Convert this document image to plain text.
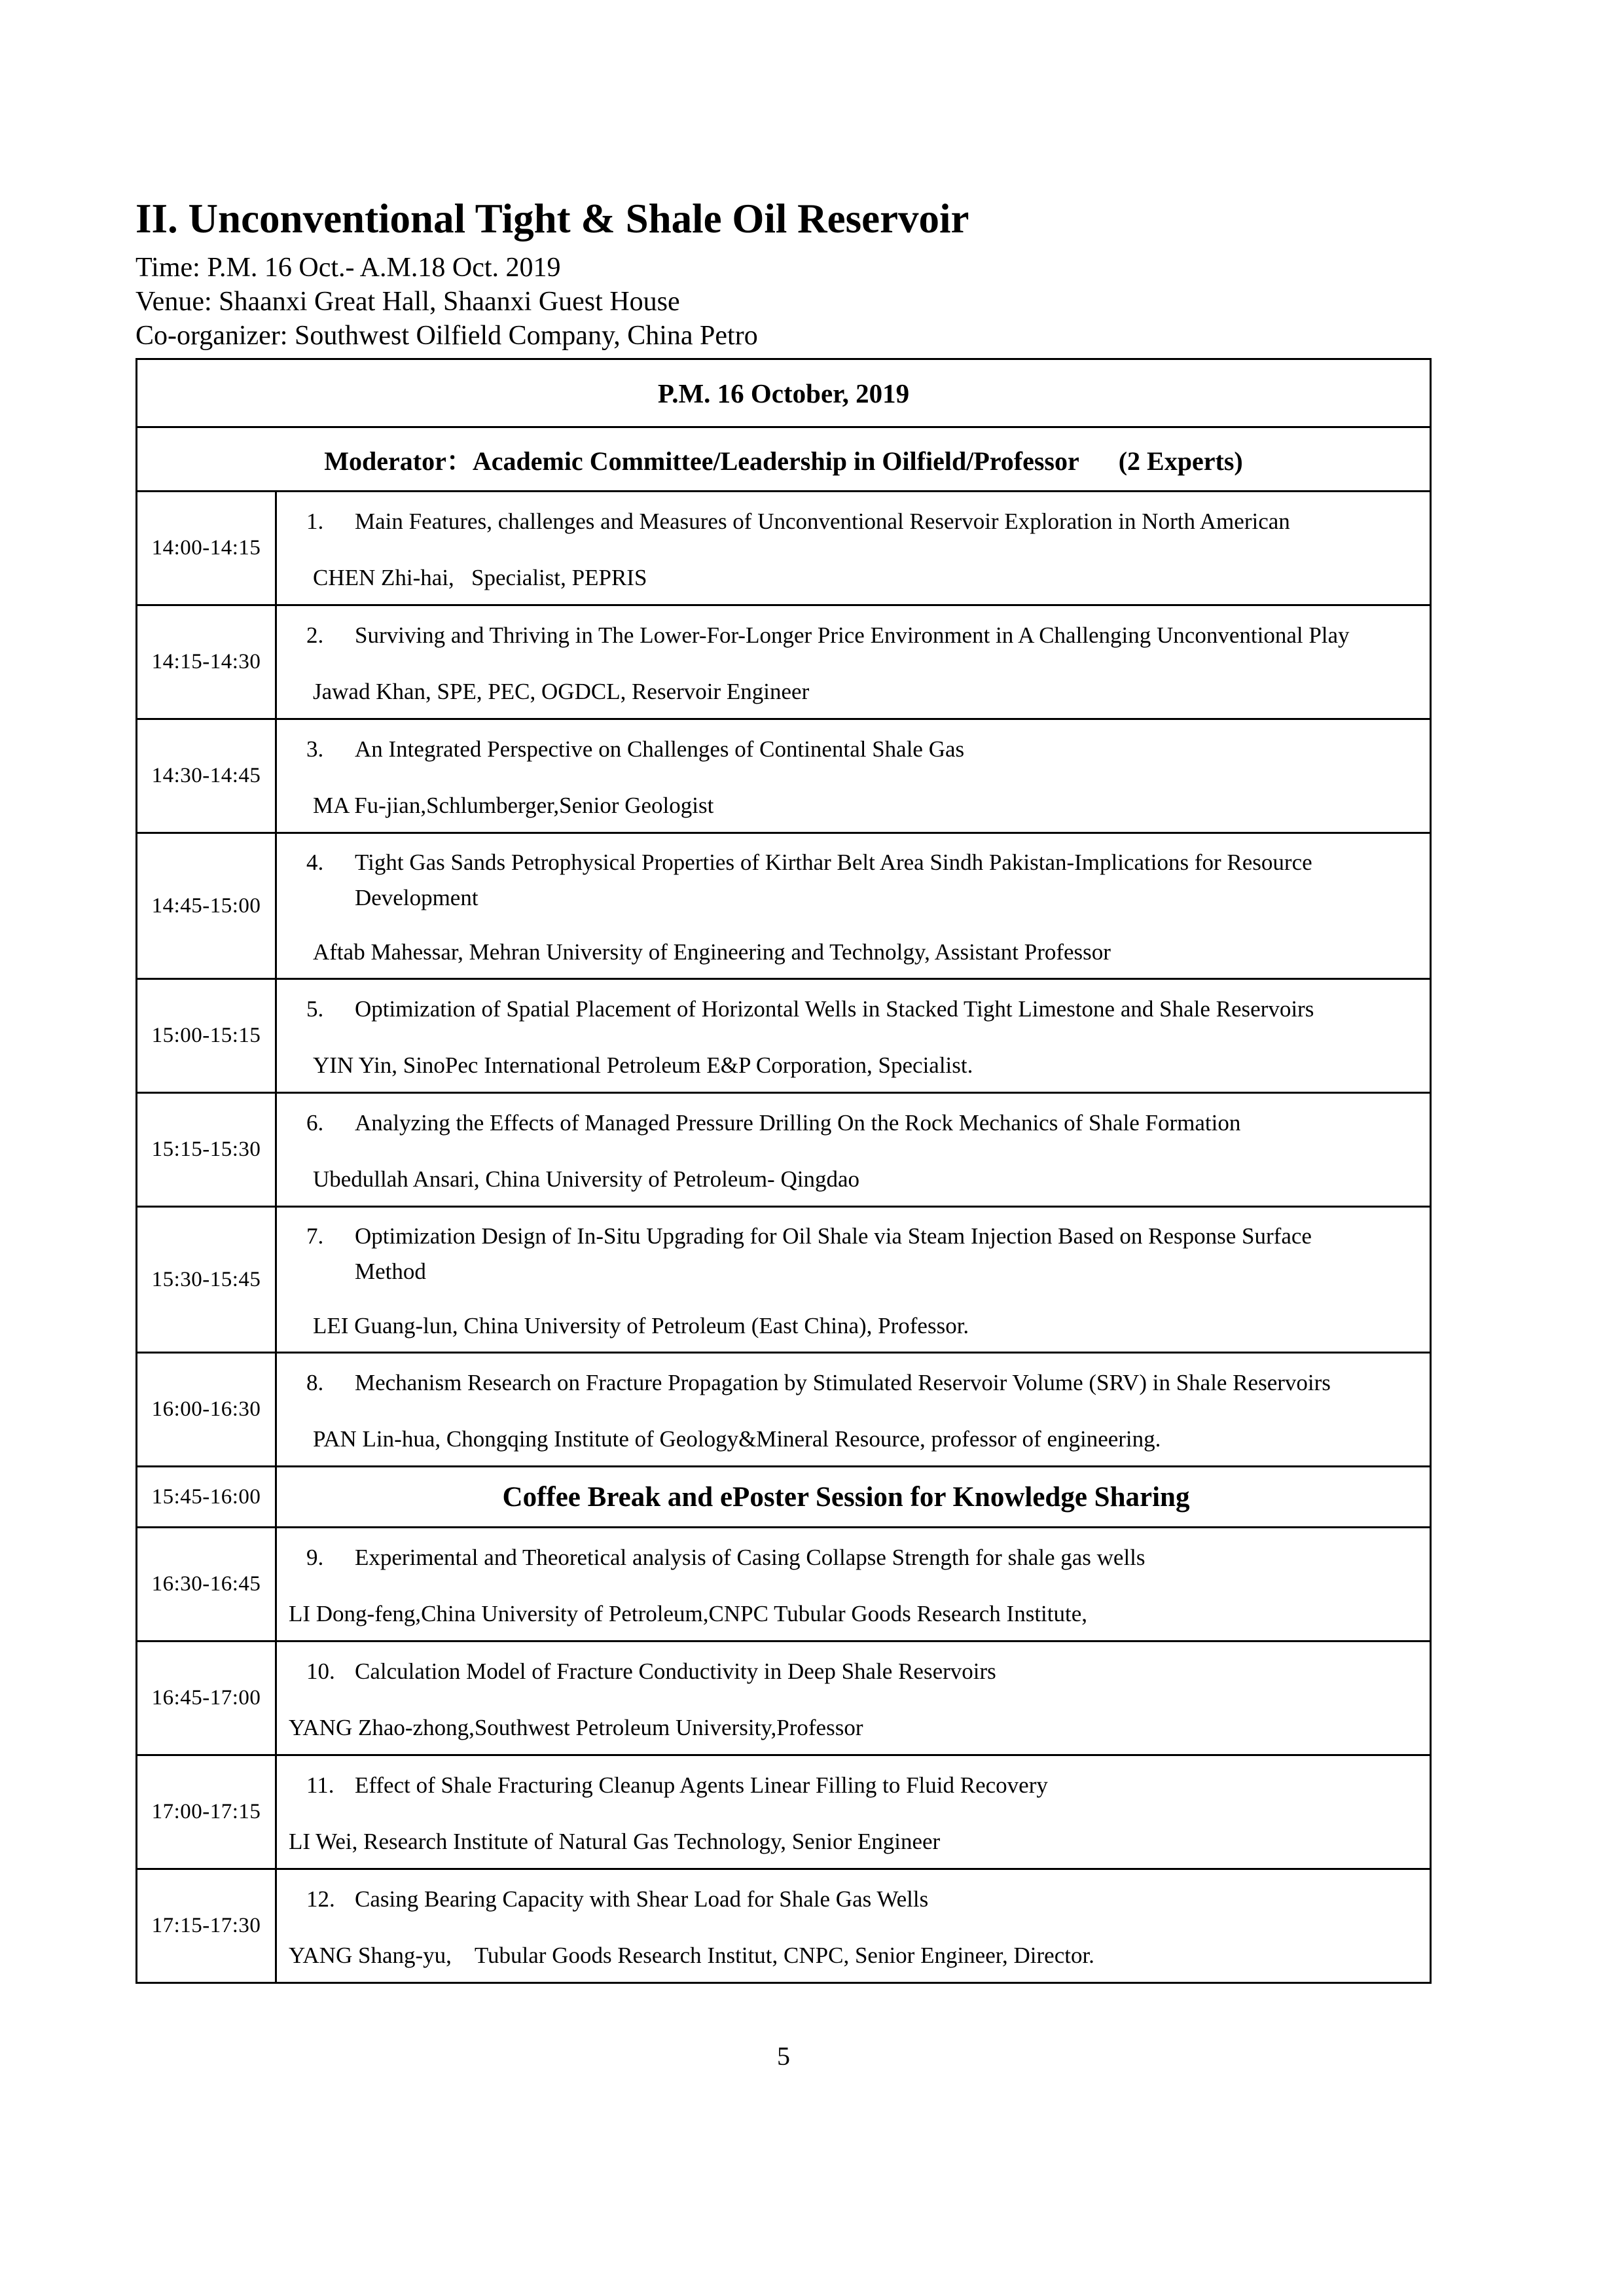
II. Unconventional Tight & Shale Oil Reservoir
Time: P.M. 16 Oct.- A.M.18 Oct. 2019
Venue: Shaanxi Great Hall, Shaanxi Guest House
Co-organizer: Southwest Oilfield Company, China Petro
P.M. 16 October, 2019	
Moderator：Academic Committee/Leadership in Oilfield/Professor      (2 Experts)	
14:00-14:15	1. Main Features, challenges and Measures of Unconventional Reservoir Exploration in North American
CHEN Zhi-hai,   Specialist, PEPRIS

14:15-14:30	2. Surviving and Thriving in The Lower-For-Longer Price Environment in A Challenging Unconventional Play
Jawad Khan, SPE, PEC, OGDCL, Reservoir Engineer

14:30-14:45	3. An Integrated Perspective on Challenges of Continental Shale Gas
MA Fu-jian,Schlumberger,Senior Geologist

14:45-15:00	4. Tight Gas Sands Petrophysical Properties of Kirthar Belt Area Sindh Pakistan-Implications for Resource
Development
Aftab Mahessar, Mehran University of Engineering and Technolgy, Assistant Professor

15:00-15:15	5. Optimization of Spatial Placement of Horizontal Wells in Stacked Tight Limestone and Shale Reservoirs
YIN Yin, SinoPec International Petroleum E&P Corporation, Specialist.

15:15-15:30	6. Analyzing the Effects of Managed Pressure Drilling On the Rock Mechanics of Shale Formation
Ubedullah Ansari, China University of Petroleum- Qingdao

15:30-15:45	7. Optimization Design of In-Situ Upgrading for Oil Shale via Steam Injection Based on Response Surface
Method
LEI Guang-lun, China University of Petroleum (East China), Professor.

16:00-16:30	8. Mechanism Research on Fracture Propagation by Stimulated Reservoir Volume (SRV) in Shale Reservoirs
PAN Lin-hua, Chongqing Institute of Geology&Mineral Resource, professor of engineering.

15:45-16:00	Coffee Break and ePoster Session for Knowledge Sharing

16:30-16:45	9. Experimental and Theoretical analysis of Casing Collapse Strength for shale gas wells
LI Dong-feng,China University of Petroleum,CNPC Tubular Goods Research Institute,

16:45-17:00	10. Calculation Model of Fracture Conductivity in Deep Shale Reservoirs
YANG Zhao-zhong,Southwest Petroleum University,Professor

17:00-17:15	11. Effect of Shale Fracturing Cleanup Agents Linear Filling to Fluid Recovery
LI Wei, Research Institute of Natural Gas Technology, Senior Engineer

17:15-17:30	12. Casing Bearing Capacity with Shear Load for Shale Gas Wells
YANG Shang-yu,    Tubular Goods Research Institut, CNPC, Senior Engineer, Director.
5
